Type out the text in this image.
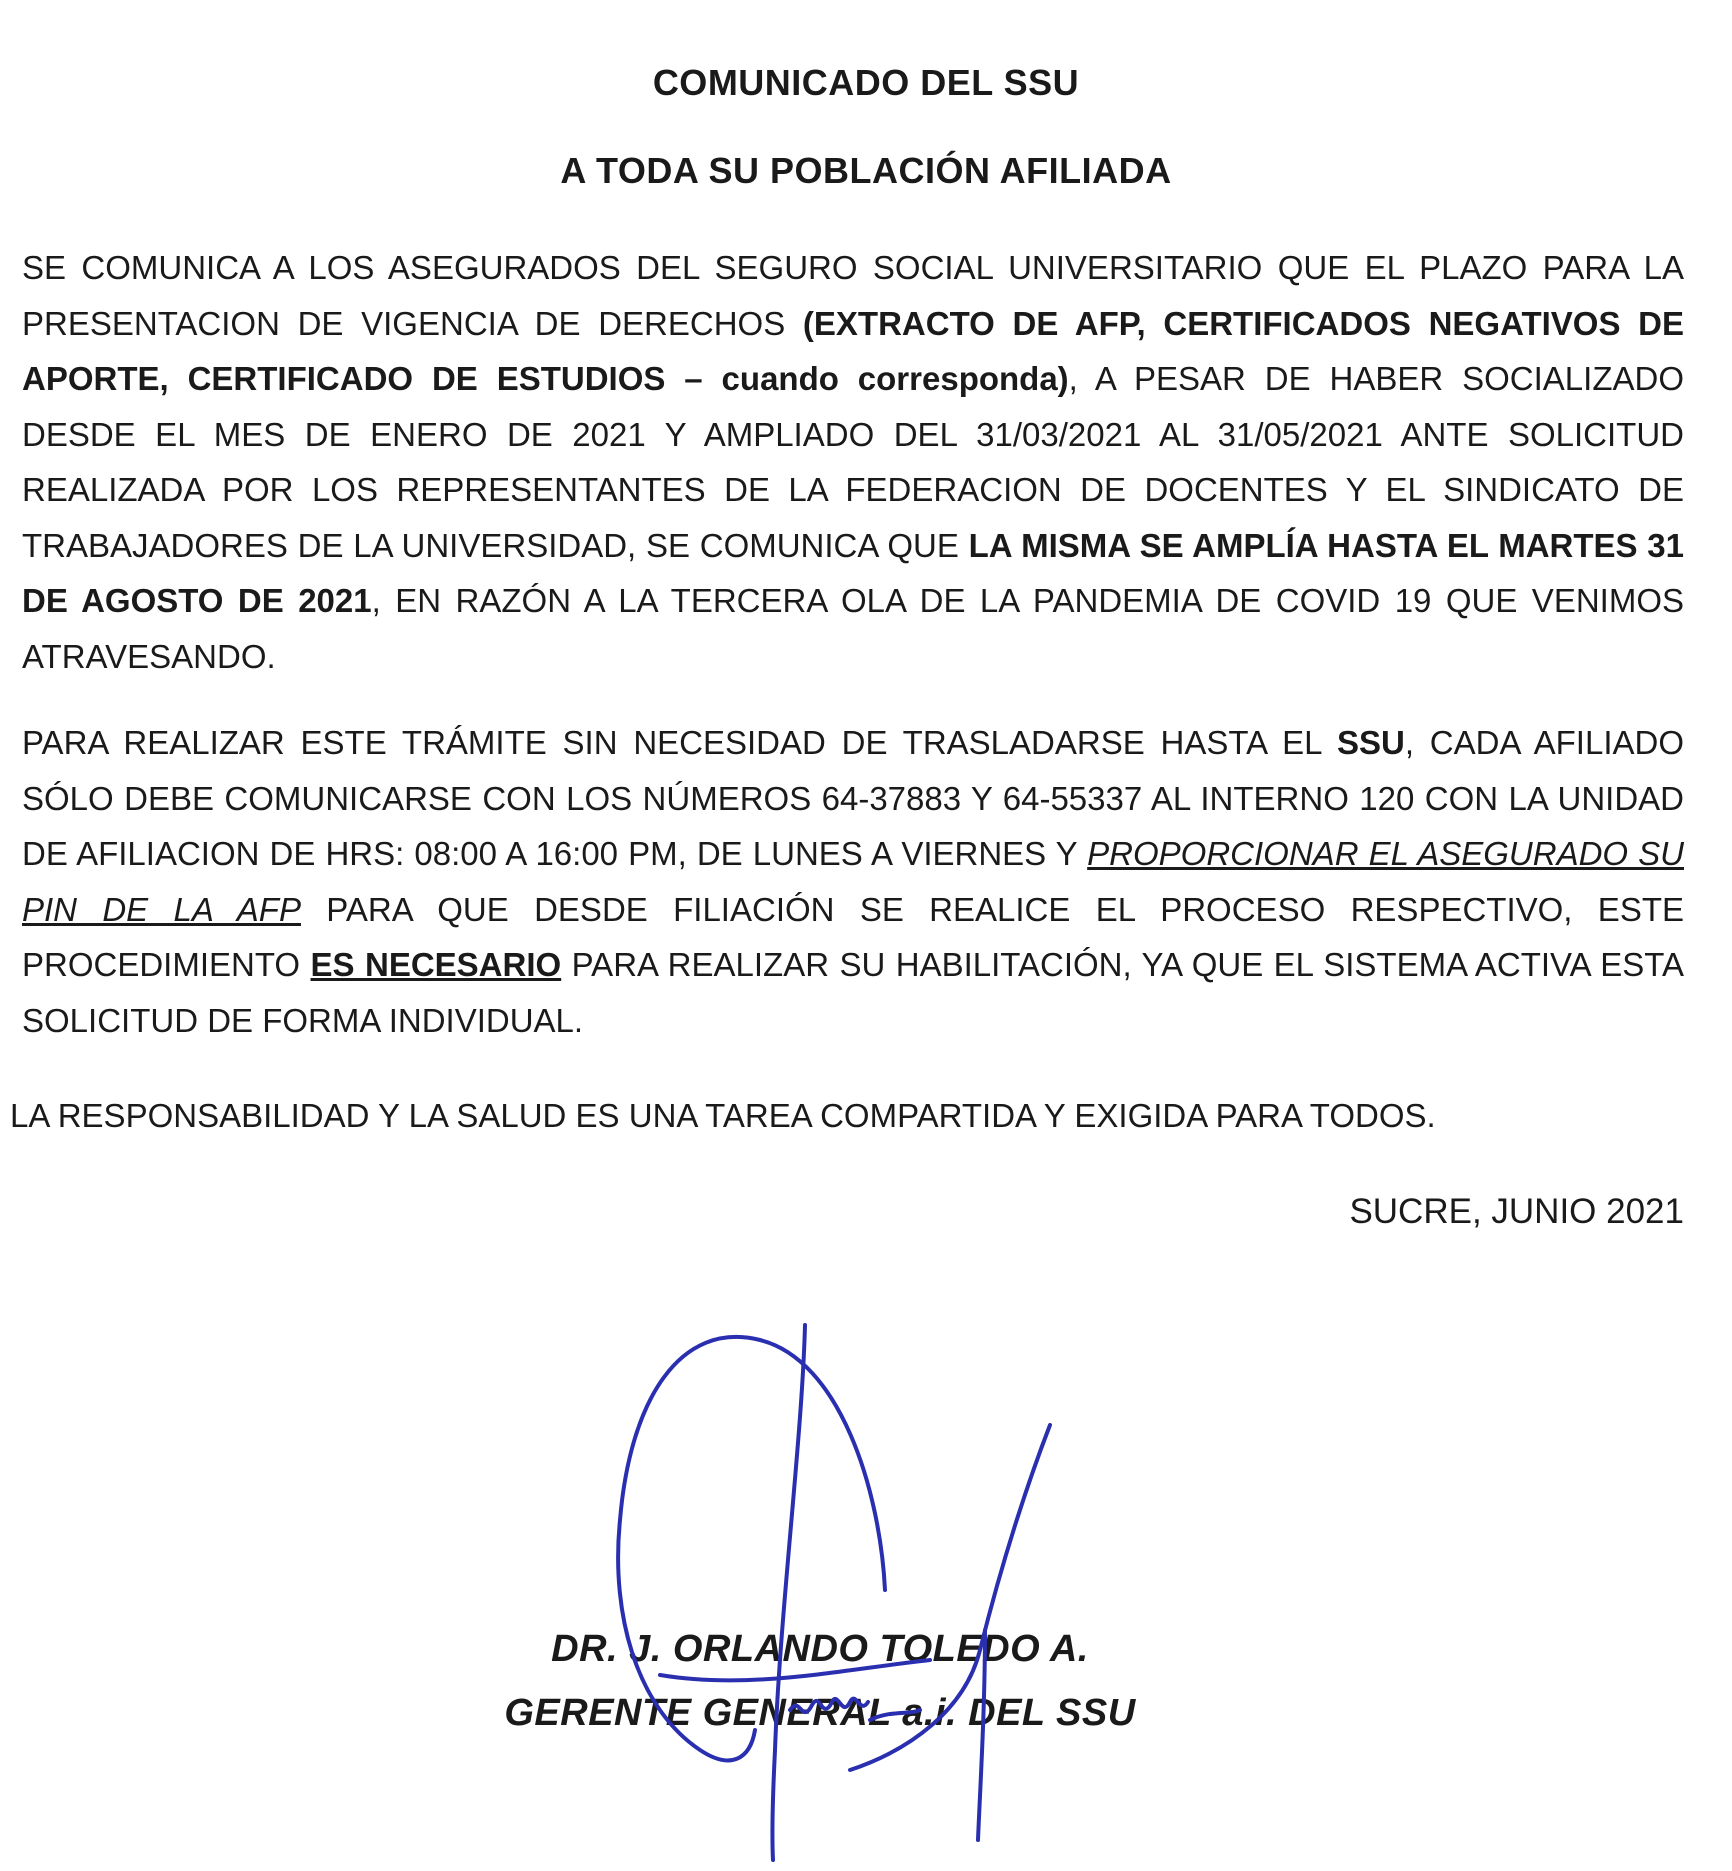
COMUNICADO DEL SSU
A TODA SU POBLACIÓN AFILIADA

SE COMUNICA A LOS ASEGURADOS DEL SEGURO SOCIAL UNIVERSITARIO QUE EL PLAZO PARA LA PRESENTACION DE VIGENCIA DE DERECHOS (EXTRACTO DE AFP, CERTIFICADOS NEGATIVOS DE APORTE, CERTIFICADO DE ESTUDIOS – cuando corresponda), A PESAR DE HABER SOCIALIZADO DESDE EL MES DE ENERO DE 2021 Y AMPLIADO DEL 31/03/2021 AL 31/05/2021 ANTE SOLICITUD REALIZADA POR LOS REPRESENTANTES DE LA FEDERACION DE DOCENTES Y EL SINDICATO DE TRABAJADORES DE LA UNIVERSIDAD, SE COMUNICA QUE LA MISMA SE AMPLÍA HASTA EL MARTES 31 DE AGOSTO DE 2021, EN RAZÓN A LA TERCERA OLA DE LA PANDEMIA DE COVID 19 QUE VENIMOS ATRAVESANDO.

PARA REALIZAR ESTE TRÁMITE SIN NECESIDAD DE TRASLADARSE HASTA EL SSU, CADA AFILIADO SÓLO DEBE COMUNICARSE CON LOS NÚMEROS 64-37883 Y 64-55337 AL INTERNO 120 CON LA UNIDAD DE AFILIACION DE HRS: 08:00 A 16:00 PM, DE LUNES A VIERNES Y PROPORCIONAR EL ASEGURADO SU PIN DE LA AFP PARA QUE DESDE FILIACIÓN SE REALICE EL PROCESO RESPECTIVO, ESTE PROCEDIMIENTO ES NECESARIO PARA REALIZAR SU HABILITACIÓN, YA QUE EL SISTEMA ACTIVA ESTA SOLICITUD DE FORMA INDIVIDUAL.

LA RESPONSABILIDAD Y LA SALUD ES UNA TAREA COMPARTIDA Y EXIGIDA PARA TODOS.

SUCRE, JUNIO 2021

DR. J. ORLANDO TOLEDO A.

GERENTE GENERAL a.i. DEL SSU
